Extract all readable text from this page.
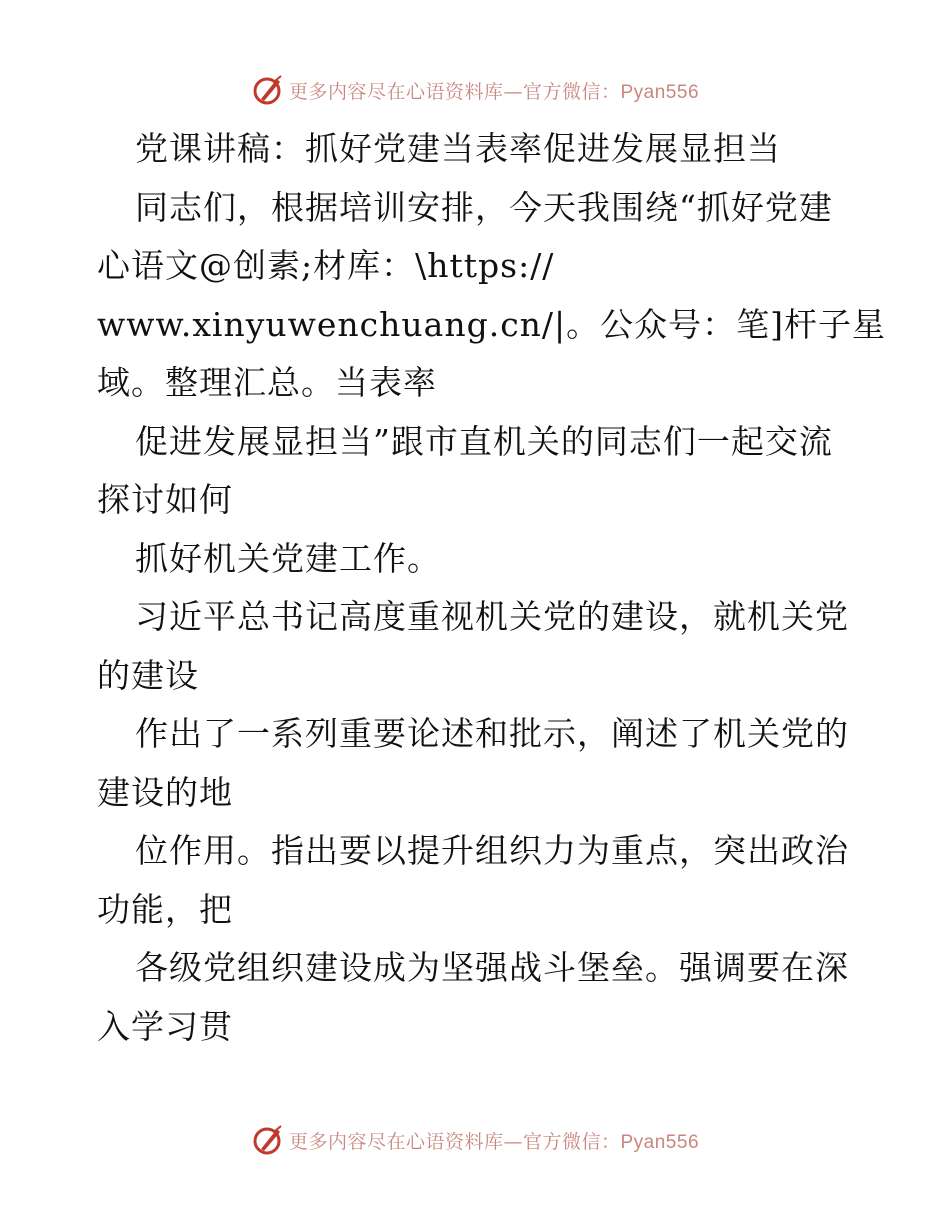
更多内容尽在心语资料库—官方微信：Pyan556
党课讲稿：抓好党建当表率促进发展显担当
同志们，根据培训安排，今天我围绕“抓好党建
心语文@创素;材库：\https://
www.xinyuwenchuang.cn/|。公众号：笔]杆子星
域。整理汇总。当表率
促进发展显担当”跟市直机关的同志们一起交流
探讨如何
抓好机关党建工作。
习近平总书记高度重视机关党的建设，就机关党
的建设
作出了一系列重要论述和批示，阐述了机关党的
建设的地
位作用。指出要以提升组织力为重点，突出政治
功能，把
各级党组织建设成为坚强战斗堡垒。强调要在深
入学习贯
更多内容尽在心语资料库—官方微信：Pyan556
